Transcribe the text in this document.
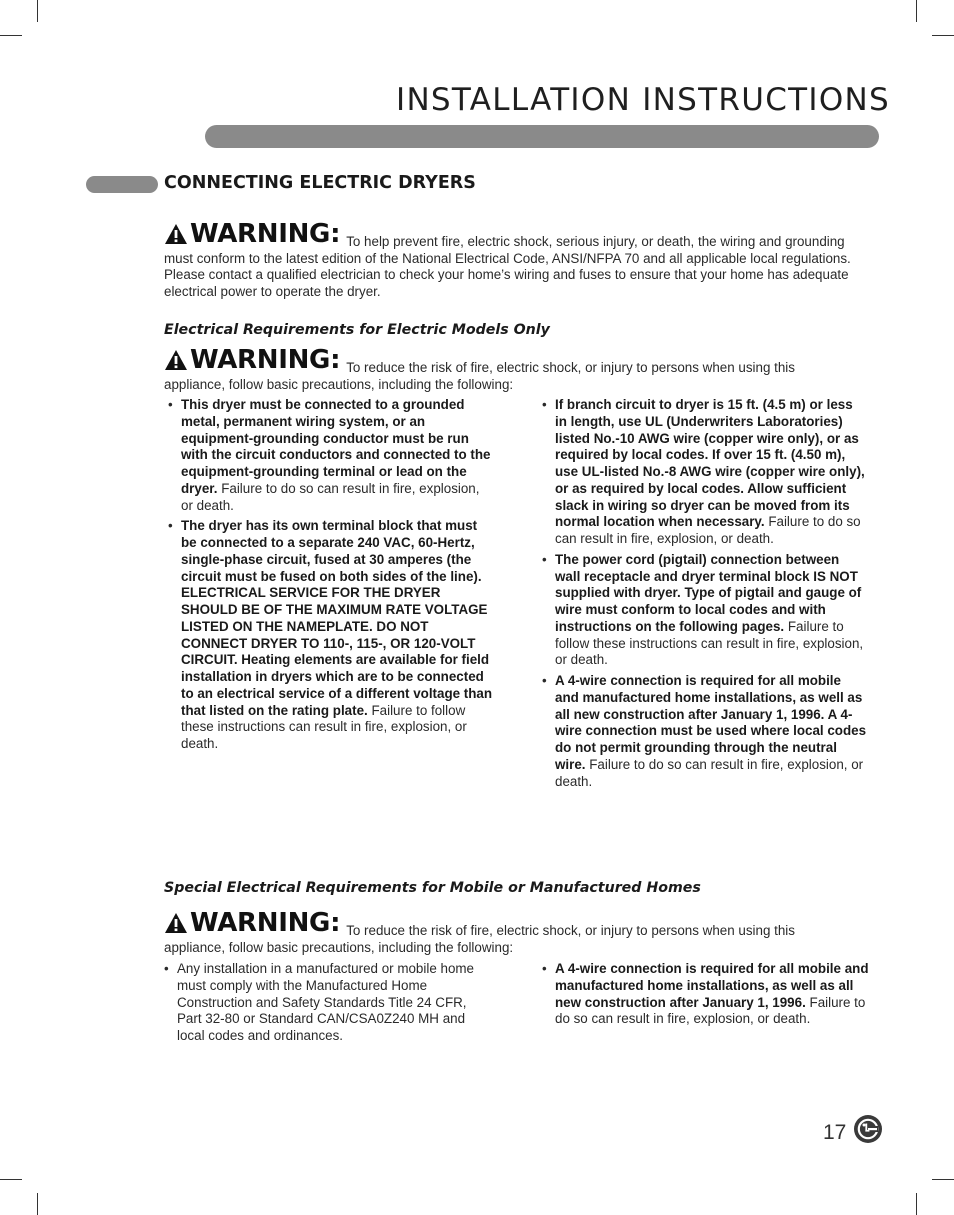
INSTALLATION INSTRUCTIONS
CONNECTING ELECTRIC DRYERS
WARNING: To help prevent fire, electric shock, serious injury, or death, the wiring and grounding must conform to the latest edition of the National Electrical Code, ANSI/NFPA 70 and all applicable local regulations. Please contact a qualified electrician to check your home’s wiring and fuses to ensure that your home has adequate electrical power to operate the dryer.
Electrical Requirements for Electric Models Only
WARNING: To reduce the risk of fire, electric shock, or injury to persons when using this appliance, follow basic precautions, including the following:
• This dryer must be connected to a grounded metal, permanent wiring system, or an equipment-grounding conductor must be run with the circuit conductors and connected to the equipment-grounding terminal or lead on the dryer. Failure to do so can result in fire, explosion, or death.
• The dryer has its own terminal block that must be connected to a separate 240 VAC, 60-Hertz, single-phase circuit, fused at 30 amperes (the circuit must be fused on both sides of the line). ELECTRICAL SERVICE FOR THE DRYER SHOULD BE OF THE MAXIMUM RATE VOLTAGE LISTED ON THE NAMEPLATE. DO NOT CONNECT DRYER TO 110-, 115-, OR 120-VOLT CIRCUIT. Heating elements are available for field installation in dryers which are to be connected to an electrical service of a different voltage than that listed on the rating plate. Failure to follow these instructions can result in fire, explosion, or death.
• If branch circuit to dryer is 15 ft. (4.5 m) or less in length, use UL (Underwriters Laboratories) listed No.-10 AWG wire (copper wire only), or as required by local codes. If over 15 ft. (4.50 m), use UL-listed No.-8 AWG wire (copper wire only), or as required by local codes. Allow sufficient slack in wiring so dryer can be moved from its normal location when necessary. Failure to do so can result in fire, explosion, or death.
• The power cord (pigtail) connection between wall receptacle and dryer terminal block IS NOT supplied with dryer. Type of pigtail and gauge of wire must conform to local codes and with instructions on the following pages. Failure to follow these instructions can result in fire, explosion, or death.
• A 4-wire connection is required for all mobile and manufactured home installations, as well as all new construction after January 1, 1996. A 4-wire connection must be used where local codes do not permit grounding through the neutral wire. Failure to do so can result in fire, explosion, or death.
Special Electrical Requirements for Mobile or Manufactured Homes
WARNING: To reduce the risk of fire, electric shock, or injury to persons when using this appliance, follow basic precautions, including the following:
• Any installation in a manufactured or mobile home must comply with the Manufactured Home Construction and Safety Standards Title 24 CFR, Part 32-80 or Standard CAN/CSA0Z240 MH and local codes and ordinances.
• A 4-wire connection is required for all mobile and manufactured home installations, as well as all new construction after January 1, 1996. Failure to do so can result in fire, explosion, or death.
17
